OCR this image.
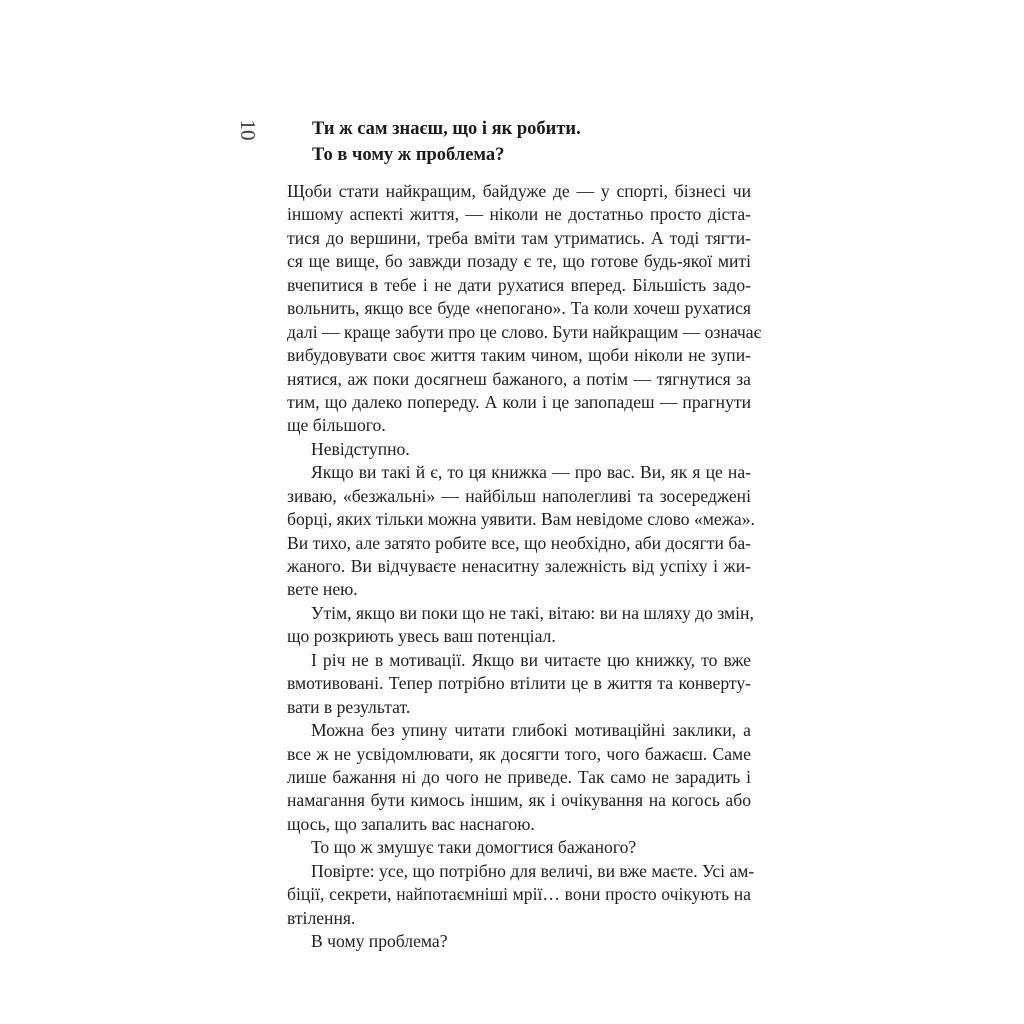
10	Ти ж сам знаєш, що і як робити.
То в чому ж проблема?
Щоби стати найкращим, байдуже де — у спорті, бізнесі чи
іншому аспекті життя, — ніколи не достатньо просто діста-
тися до вершини, треба вміти там утриматись. А тоді тягти-
ся ще вище, бо завжди позаду є те, що готове будь-якої миті
вчепитися в тебе і не дати рухатися вперед. Більшість задо-
вольнить, якщо все буде «непогано». Та коли хочеш рухатися
далі — краще забути про це слово. Бути найкращим — означає
вибудовувати своє життя таким чином, щоби ніколи не зупи-
нятися, аж поки досягнеш бажаного, а потім — тягнутися за
тим, що далеко попереду. А коли і це запопадеш — прагнути
ще більшого.
Невідступно.
Якщо ви такі й є, то ця книжка — про вас. Ви, як я це на-
зиваю, «безжальні» — найбільш наполегливі та зосереджені
борці, яких тільки можна уявити. Вам невідоме слово «межа».
Ви тихо, але затято робите все, що необхідно, аби досягти ба-
жаного. Ви відчуваєте ненаситну залежність від успіху і жи-
вете нею.
Утім, якщо ви поки що не такі, вітаю: ви на шляху до змін,
що розкриють увесь ваш потенціал.
І річ не в мотивації. Якщо ви читаєте цю книжку, то вже
вмотивовані. Тепер потрібно втілити це в життя та конверту-
вати в результат.
Можна без упину читати глибокі мотиваційні заклики, а
все ж не усвідомлювати, як досягти того, чого бажаєш. Саме
лише бажання ні до чого не приведе. Так само не зарадить і
намагання бути кимось іншим, як і очікування на когось або
щось, що запалить вас наснагою.
То що ж змушує таки домогтися бажаного?
Повірте: усе, що потрібно для величі, ви вже маєте. Усі ам-
біції, секрети, найпотаємніші мрії… вони просто очікують на
втілення.
В чому проблема?
